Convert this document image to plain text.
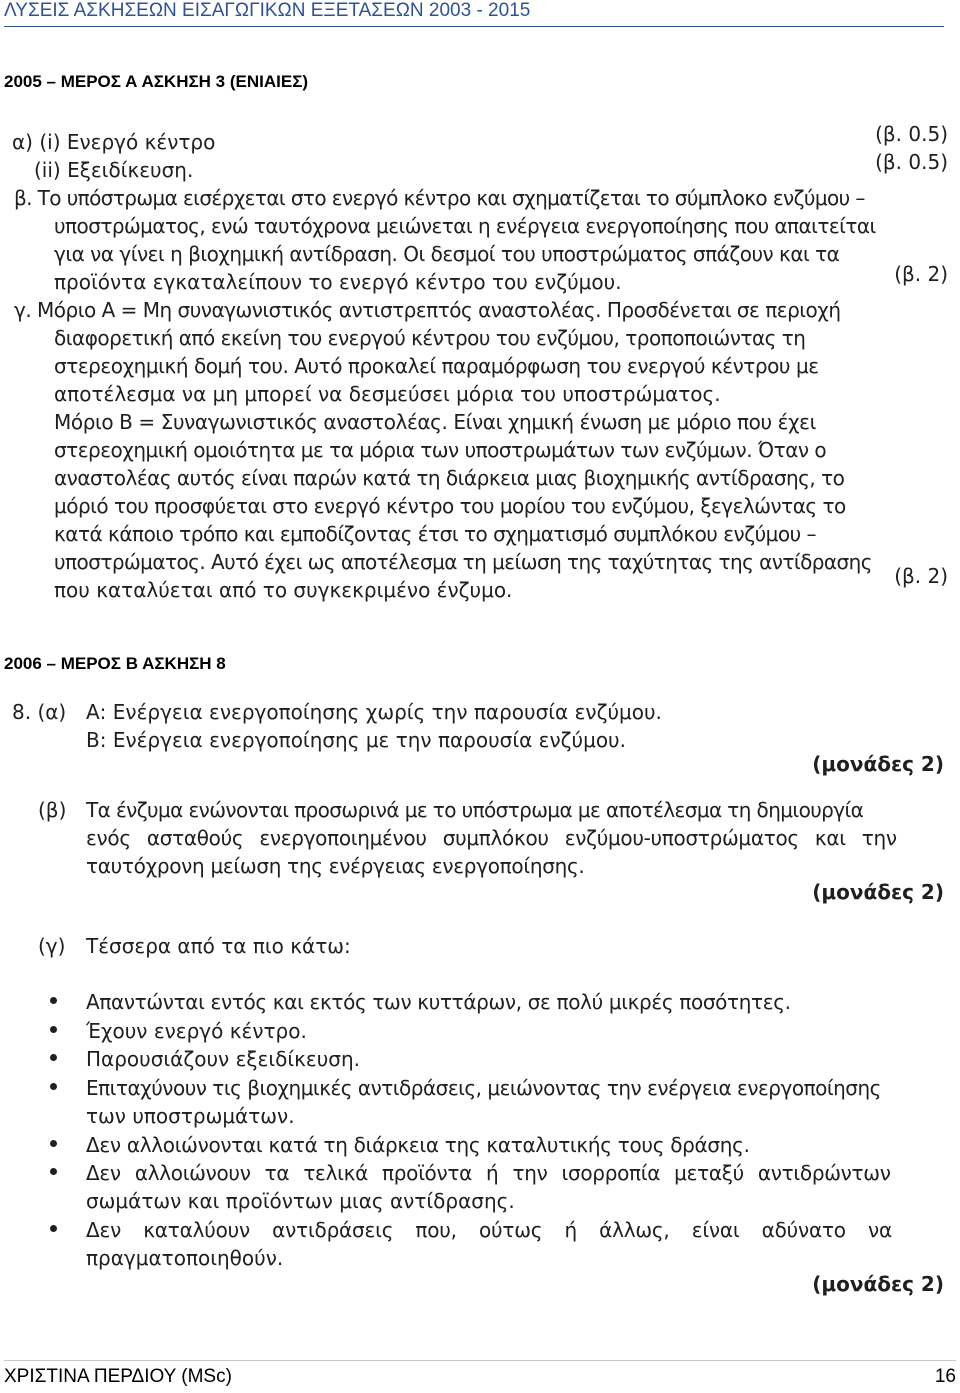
ΛΥΣΕΙΣ ΑΣΚΗΣΕΩΝ ΕΙΣΑΓΩΓΙΚΩΝ ΕΞΕΤΑΣΕΩΝ 2003 - 2015
2005 – ΜΕΡΟΣ Α ΑΣΚΗΣΗ 3 (ΕΝΙΑΙΕΣ)
α) (i) Ενεργό κέντρο	(β. 0.5)
(ii) Εξειδίκευση.	(β. 0.5)
β. Το υπόστρωμα εισέρχεται στο ενεργό κέντρο και σχηματίζεται το σύμπλοκο ενζύμου –
υποστρώματος, ενώ ταυτόχρονα μειώνεται η ενέργεια ενεργοποίησης που απαιτείται
για να γίνει η βιοχημική αντίδραση. Οι δεσμοί του υποστρώματος σπάζουν και τα
προϊόντα εγκαταλείπουν το ενεργό κέντρο του ενζύμου.	(β. 2)
γ. Μόριο Α = Μη συναγωνιστικός αντιστρεπτός αναστολέας. Προσδένεται σε περιοχή
διαφορετική από εκείνη του ενεργού κέντρου του ενζύμου, τροποποιώντας τη
στερεοχημική δομή του. Αυτό προκαλεί παραμόρφωση του ενεργού κέντρου με
αποτέλεσμα να μη μπορεί να δεσμεύσει μόρια του υποστρώματος.
Μόριο Β = Συναγωνιστικός αναστολέας. Είναι χημική ένωση με μόριο που έχει
στερεοχημική ομοιότητα με τα μόρια των υποστρωμάτων των ενζύμων. Όταν ο
αναστολέας αυτός είναι παρών κατά τη διάρκεια μιας βιοχημικής αντίδρασης, το
μόριό του προσφύεται στο ενεργό κέντρο του μορίου του ενζύμου, ξεγελώντας το
κατά κάποιο τρόπο και εμποδίζοντας έτσι το σχηματισμό συμπλόκου ενζύμου –
υποστρώματος. Αυτό έχει ως αποτέλεσμα τη μείωση της ταχύτητας της αντίδρασης
που καταλύεται από το συγκεκριμένο ένζυμο.
(β. 2)
2006 – ΜΕΡΟΣ Β ΑΣΚΗΣΗ 8
8. (α) Α: Ενέργεια ενεργοποίησης χωρίς την παρουσία ενζύμου.
Β: Ενέργεια ενεργοποίησης με την παρουσία ενζύμου.
(μονάδες 2)
(β) Τα ένζυμα ενώνονται προσωρινά με το υπόστρωμα με αποτέλεσμα τη δημιουργία
ενός ασταθούς ενεργοποιημένου συμπλόκου ενζύμου-υποστρώματος και την
ταυτόχρονη μείωση της ενέργειας ενεργοποίησης.
(μονάδες 2)
(γ) Τέσσερα από τα πιο κάτω:
Απαντώνται εντός και εκτός των κυττάρων, σε πολύ μικρές ποσότητες.
Έχουν ενεργό κέντρο.
Παρουσιάζουν εξειδίκευση.
Επιταχύνουν τις βιοχημικές αντιδράσεις, μειώνοντας την ενέργεια ενεργοποίησης
των υποστρωμάτων.
Δεν αλλοιώνονται κατά τη διάρκεια της καταλυτικής τους δράσης.
Δεν αλλοιώνουν τα τελικά προϊόντα ή την ισορροπία μεταξύ αντιδρώντων
σωμάτων και προϊόντων μιας αντίδρασης.
Δεν καταλύουν αντιδράσεις που, ούτως ή άλλως, είναι αδύνατο να
πραγματοποιηθούν.
(μονάδες 2)
ΧΡΙΣΤΙΝΑ ΠΕΡΔΙΟΥ (MSc)	16
